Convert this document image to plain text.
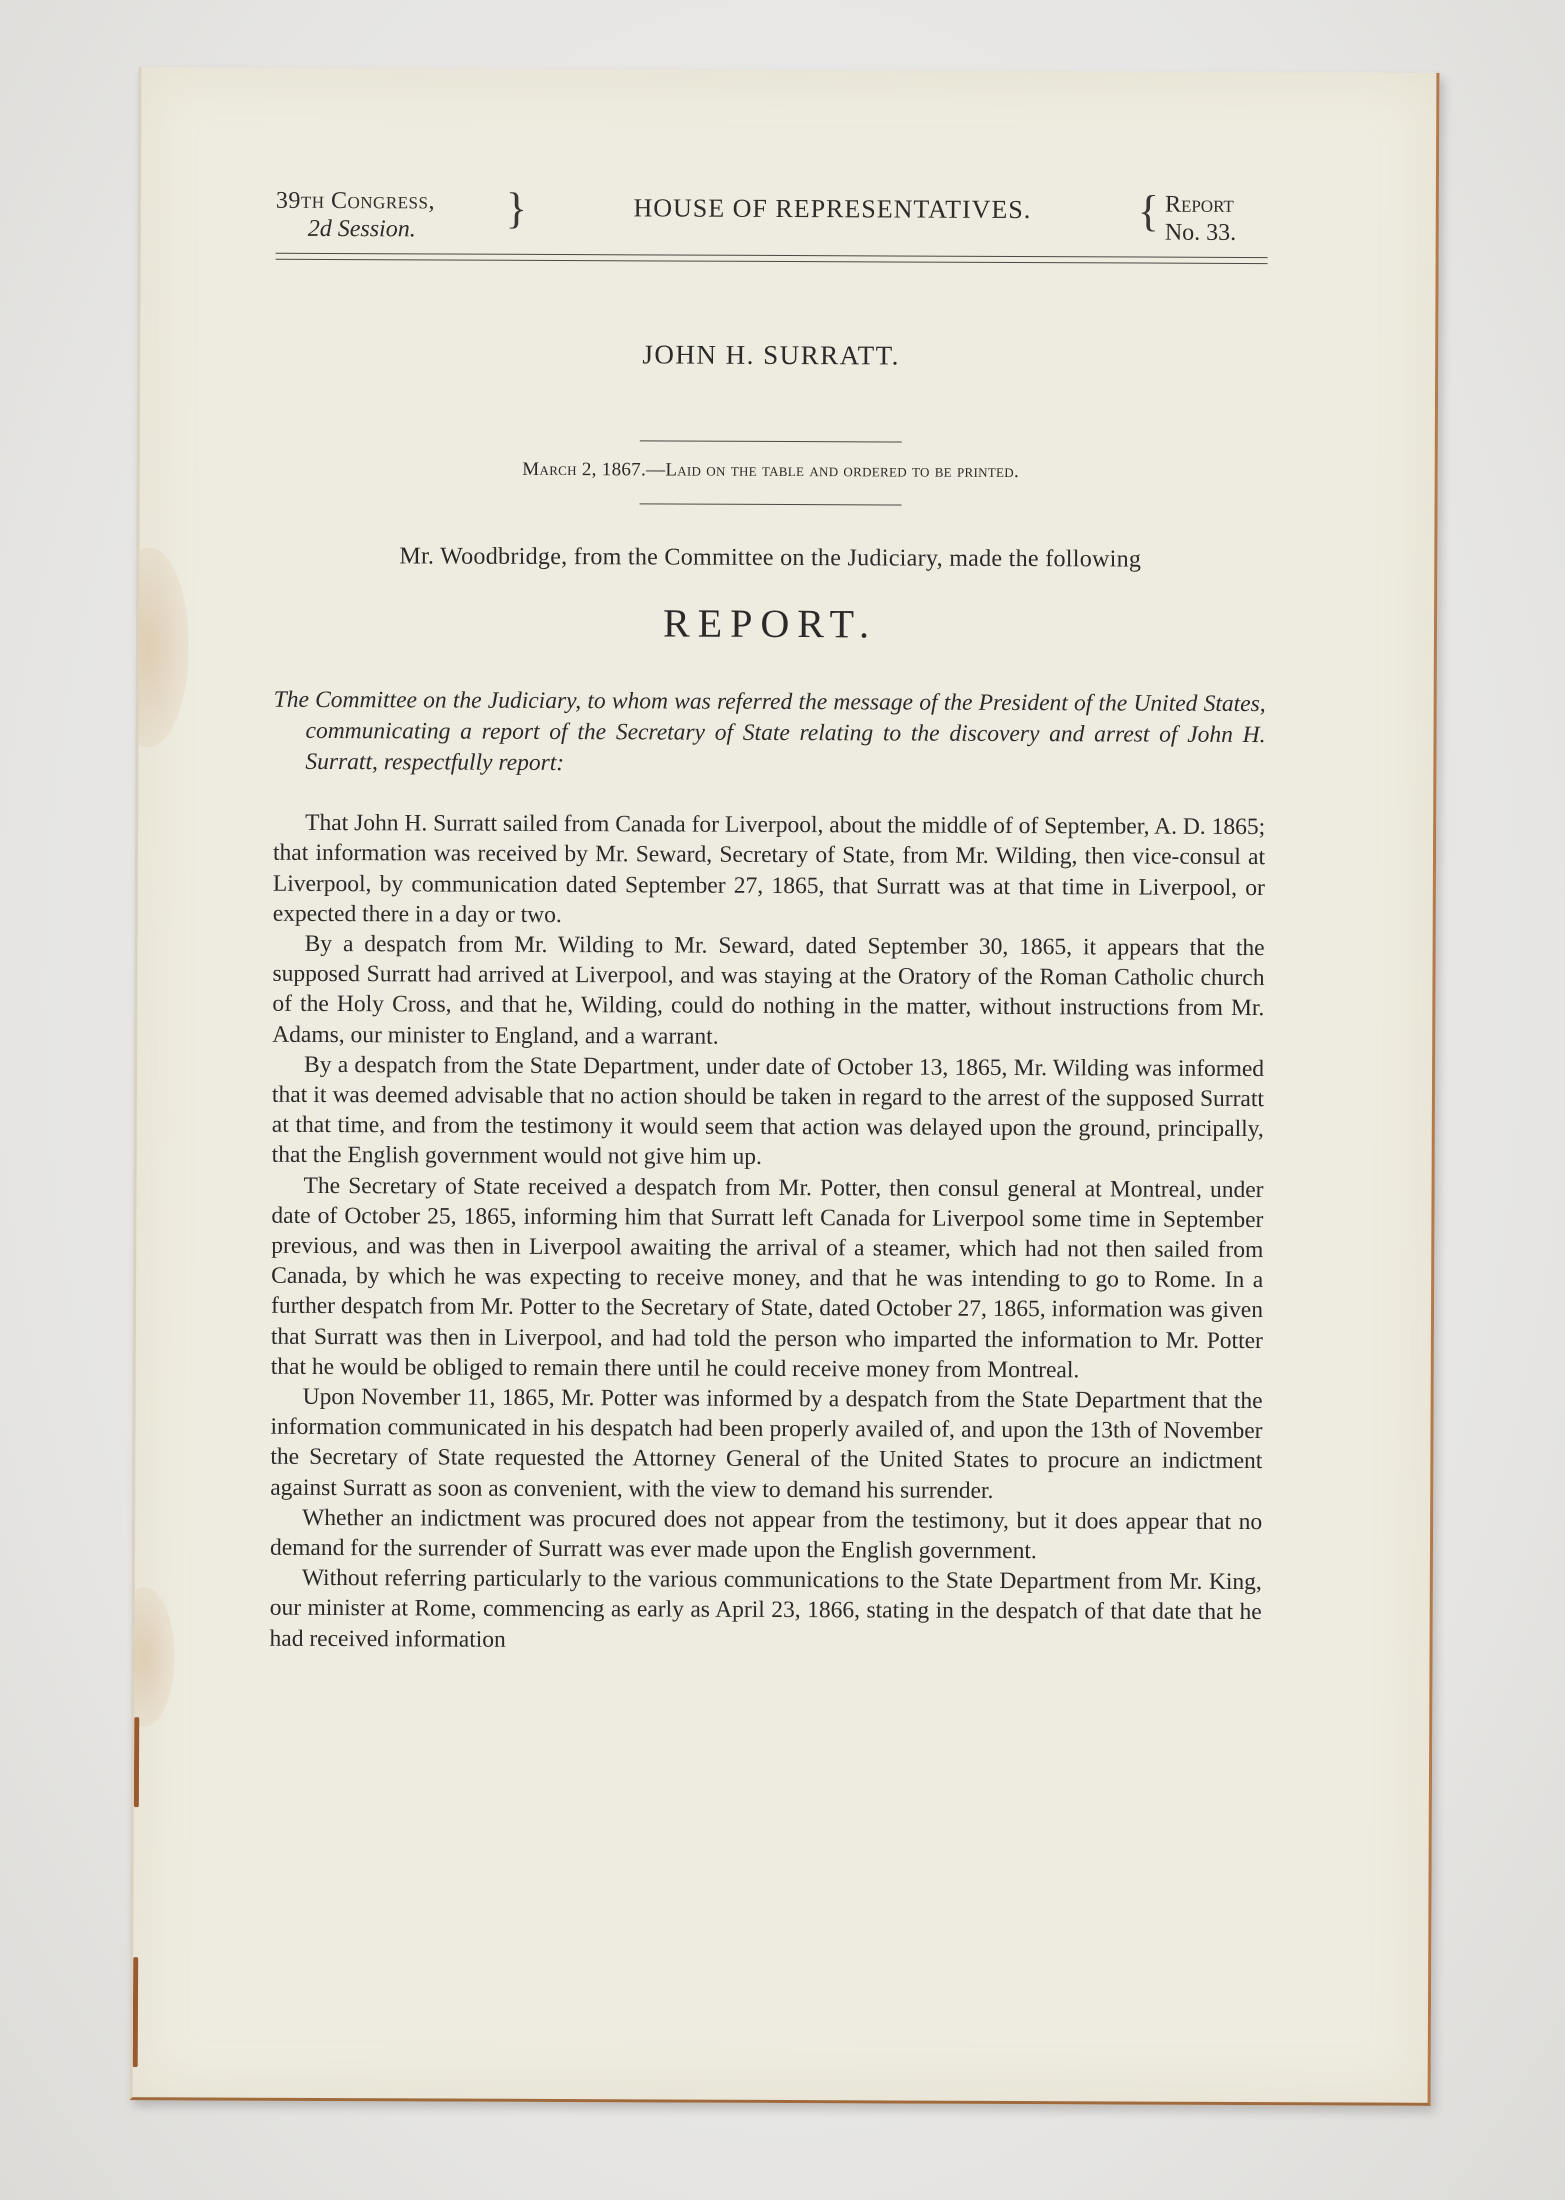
39th Congress,
2d Session.	}	HOUSE OF REPRESENTATIVES.	{ Report
No. 33.
JOHN H. SURRATT.
March 2, 1867.—Laid on the table and ordered to be printed.
Mr. Woodbridge, from the Committee on the Judiciary, made the following
REPORT.
The Committee on the Judiciary, to whom was referred the message of the President of the United States, communicating a report of the Secretary of State relating to the discovery and arrest of John H. Surratt, respectfully report:

That John H. Surratt sailed from Canada for Liverpool, about the middle of of September, A. D. 1865; that information was received by Mr. Seward, Secretary of State, from Mr. Wilding, then vice-consul at Liverpool, by communication dated September 27, 1865, that Surratt was at that time in Liverpool, or expected there in a day or two.

By a despatch from Mr. Wilding to Mr. Seward, dated September 30, 1865, it appears that the supposed Surratt had arrived at Liverpool, and was staying at the Oratory of the Roman Catholic church of the Holy Cross, and that he, Wilding, could do nothing in the matter, without instructions from Mr. Adams, our minister to England, and a warrant.

By a despatch from the State Department, under date of October 13, 1865, Mr. Wilding was informed that it was deemed advisable that no action should be taken in regard to the arrest of the supposed Surratt at that time, and from the testimony it would seem that action was delayed upon the ground, principally, that the English government would not give him up.

The Secretary of State received a despatch from Mr. Potter, then consul general at Montreal, under date of October 25, 1865, informing him that Surratt left Canada for Liverpool some time in September previous, and was then in Liverpool awaiting the arrival of a steamer, which had not then sailed from Canada, by which he was expecting to receive money, and that he was intending to go to Rome. In a further despatch from Mr. Potter to the Secretary of State, dated October 27, 1865, information was given that Surratt was then in Liverpool, and had told the person who imparted the information to Mr. Potter that he would be obliged to remain there until he could receive money from Montreal.

Upon November 11, 1865, Mr. Potter was informed by a despatch from the State Department that the information communicated in his despatch had been properly availed of, and upon the 13th of November the Secretary of State requested the Attorney General of the United States to procure an indictment against Surratt as soon as convenient, with the view to demand his surrender.

Whether an indictment was procured does not appear from the testimony, but it does appear that no demand for the surrender of Surratt was ever made upon the English government.

Without referring particularly to the various communications to the State Department from Mr. King, our minister at Rome, commencing as early as April 23, 1866, stating in the despatch of that date that he had received information
